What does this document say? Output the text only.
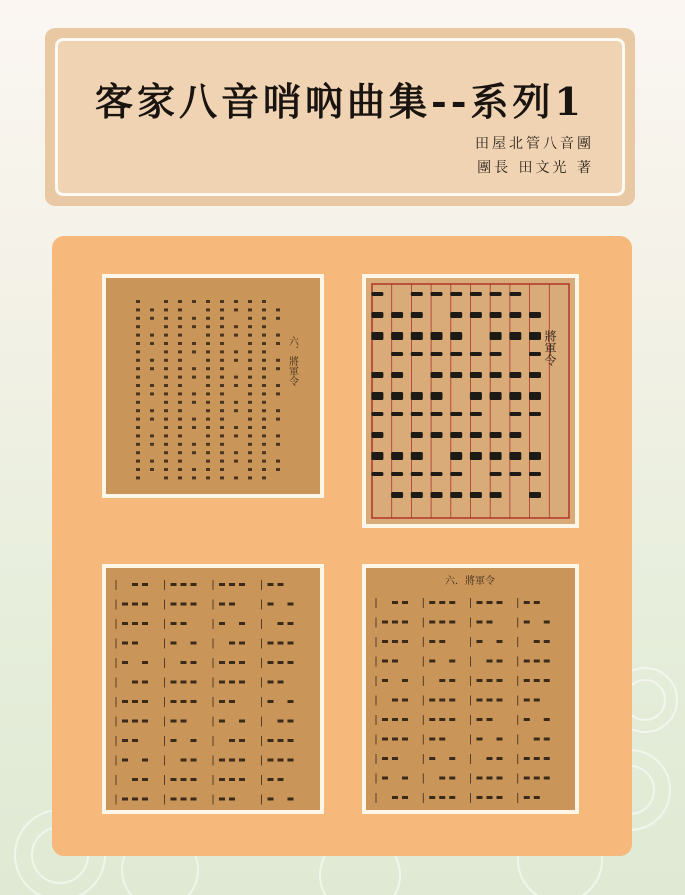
客家八音哨吶曲集--系列1
田屋北管八音團
團長 田文光 著
六．將軍令	將軍令
六．將軍令
